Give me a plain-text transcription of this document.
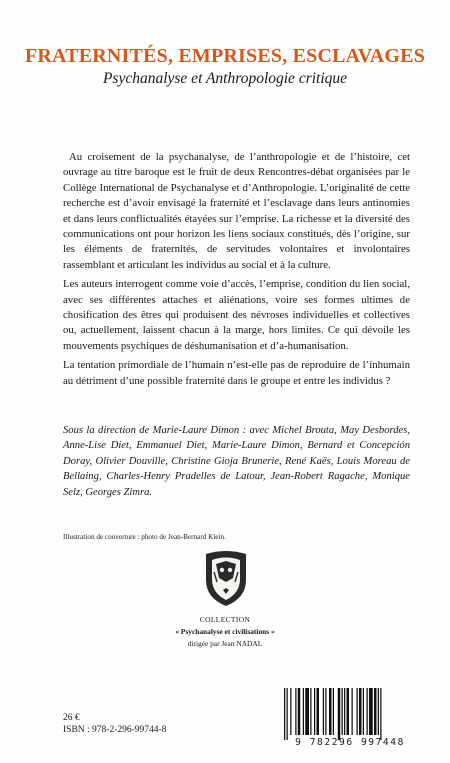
FRATERNITÉS, EMPRISES, ESCLAVAGES
Psychanalyse et Anthropologie critique

Au croisement de la psychanalyse, de l’anthropologie et de l’histoire, cet ouvrage au titre baroque est le fruit de deux Rencontres-débat organisées par le Collège International de Psychanalyse et d’Anthropologie. L’originalité de cette recherche est d’avoir envisagé la fraternité et l’esclavage dans leurs antinomies et dans leurs conflictualités étayées sur l’emprise. La richesse et la diversité des communications ont pour horizon les liens sociaux constitués, dès l’origine, sur les éléments de fraternités, de servitudes volontaires et involontaires rassemblant et articulant les individus au social et à la culture.

Les auteurs interrogent comme voie d’accès, l’emprise, condition du lien social, avec ses différentes attaches et aliénations, voire ses formes ultimes de chosification des êtres qui produisent des névroses individuelles et collectives ou, actuellement, laissent chacun à la marge, hors limites. Ce qui dévoile les mouvements psychiques de déshumanisation et d’a-humanisation.

La tentation primordiale de l’humain n’est-elle pas de reproduire de l’inhumain au détriment d’une possible fraternité dans le groupe et entre les individus ?

Sous la direction de Marie-Laure Dimon : avec Michel Brouta, May Desbordes, Anne-Lise Diet, Emmanuel Diet, Marie-Laure Dimon, Bernard et Concepción Doray, Olivier Douville, Christine Gioja Brunerie, René Kaës, Louis Moreau de Bellaing, Charles-Henry Pradelles de Latour, Jean-Robert Ragache, Monique Selz, Georges Zimra.
Illustration de couverture : photo de Jean-Bernard Klein.
COLLECTION
« Psychanalyse et civilisations »
dirigée par Jean NADAL
26 €
ISBN : 978-2-296-99744-8
9 782296 997448
